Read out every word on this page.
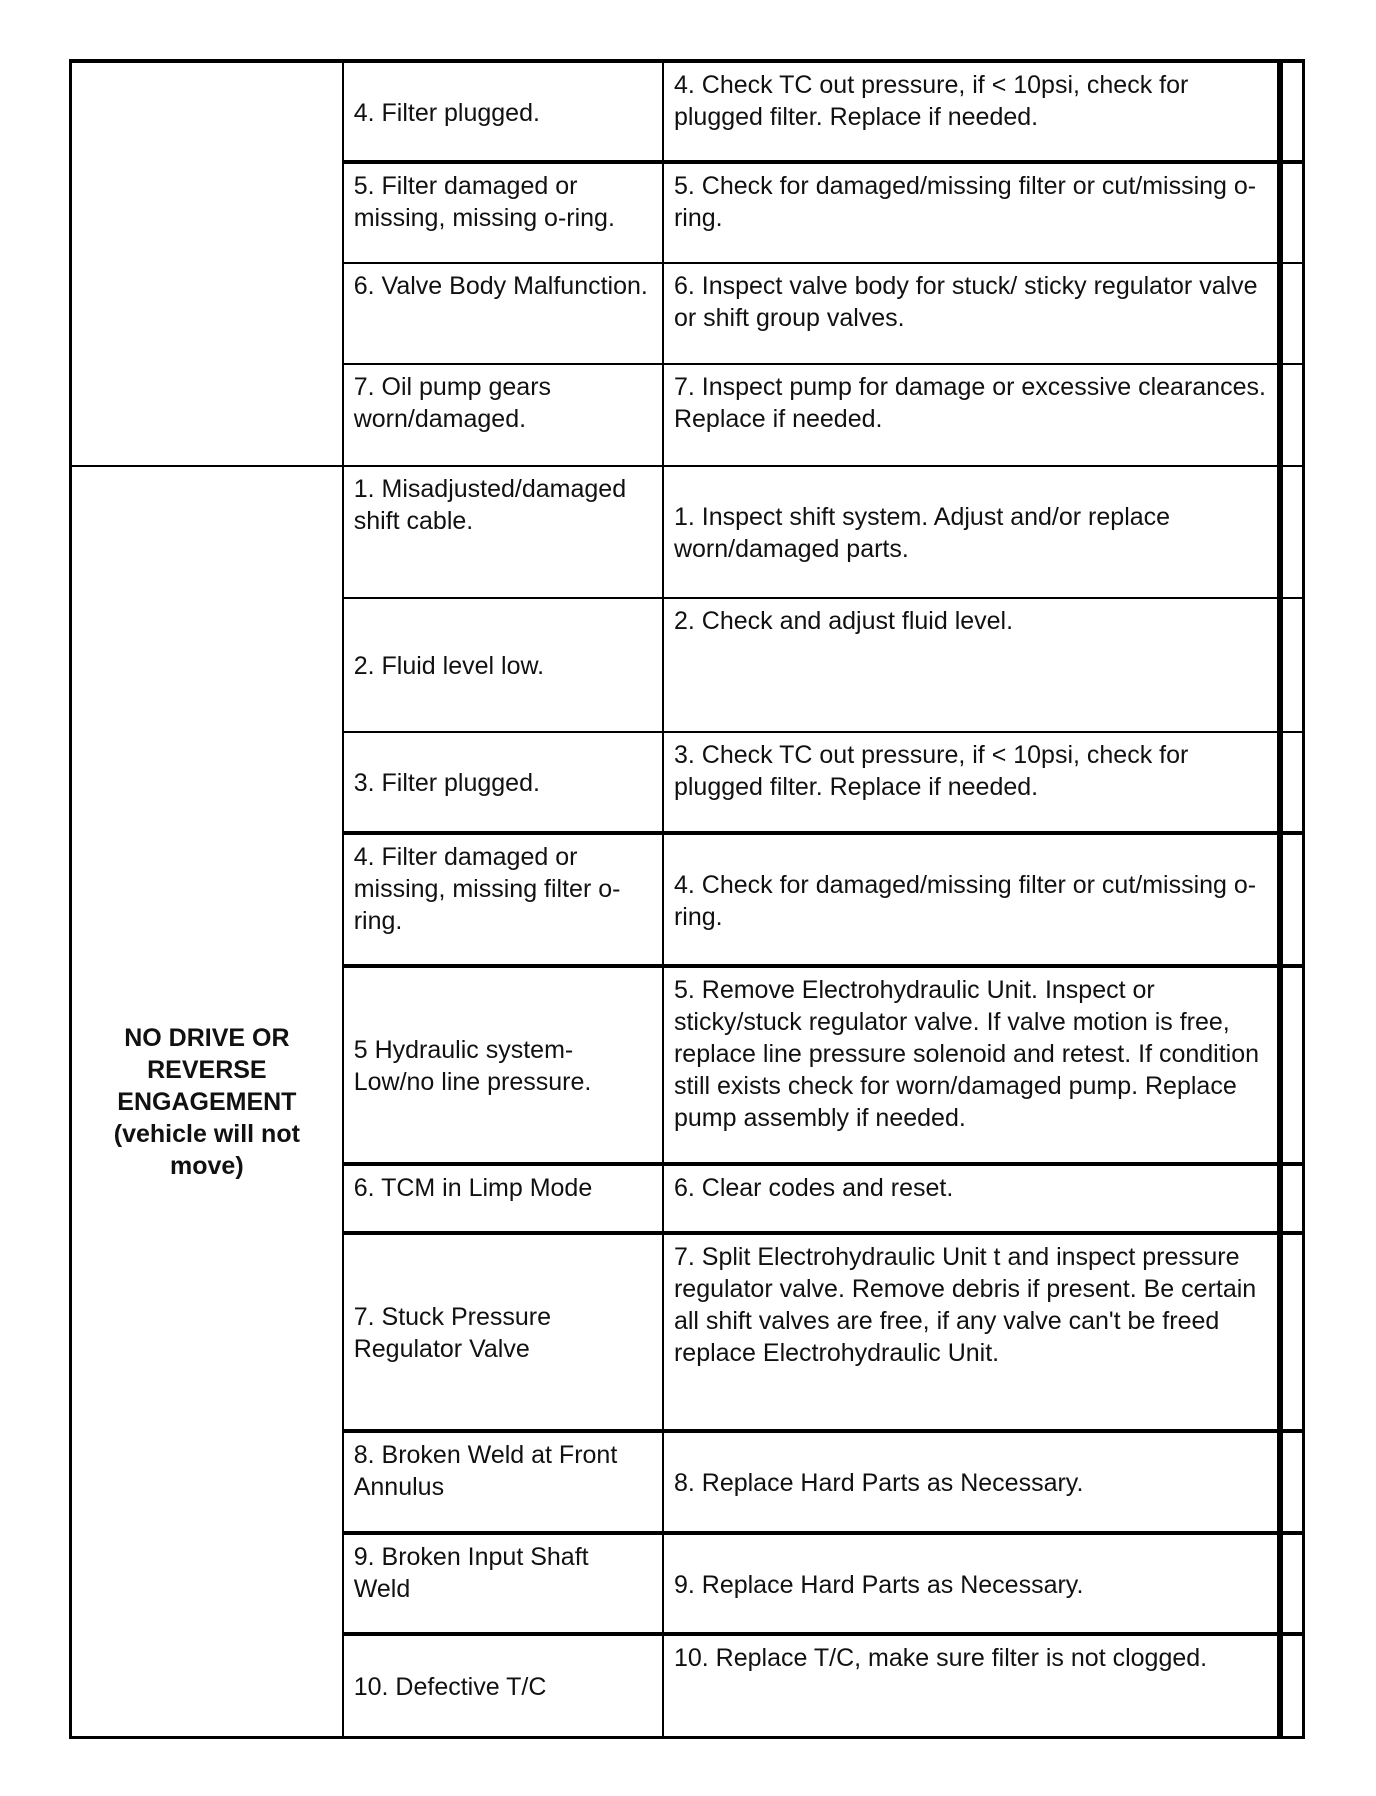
	4. Filter plugged.	4. Check TC out pressure, if < 10psi, check for plugged filter. Replace if needed.	
	5. Filter damaged or missing, missing o-ring.	5. Check for damaged/missing filter or cut/missing o-ring.	
	6. Valve Body Malfunction.	6. Inspect valve body for stuck/ sticky regulator valve or shift group valves.	
	7. Oil pump gears worn/damaged.	7. Inspect pump for damage or excessive clearances. Replace if needed.	
NO DRIVE OR REVERSE ENGAGEMENT (vehicle will not move)	1. Misadjusted/damaged shift cable.	1. Inspect shift system. Adjust and/or replace worn/damaged parts.	
	2. Fluid level low.	2. Check and adjust fluid level.	
	3. Filter plugged.	3. Check TC out pressure, if < 10psi, check for plugged filter. Replace if needed.	
	4. Filter damaged or missing, missing filter o-ring.	4. Check for damaged/missing filter or cut/missing o-ring.	
	5 Hydraulic system-Low/no line pressure.	5. Remove Electrohydraulic Unit. Inspect or sticky/stuck regulator valve. If valve motion is free, replace line pressure solenoid and retest. If condition still exists check for worn/damaged pump. Replace pump assembly if needed.	
	6. TCM in Limp Mode	6. Clear codes and reset.	
	7. Stuck Pressure Regulator Valve	7. Split Electrohydraulic Unit t and inspect pressure regulator valve. Remove debris if present. Be certain all shift valves are free, if any valve can't be freed replace Electrohydraulic Unit.	
	8. Broken Weld at Front Annulus	8. Replace Hard Parts as Necessary.	
	9. Broken Input Shaft Weld	9. Replace Hard Parts as Necessary.	
	10. Defective T/C	10. Replace T/C, make sure filter is not clogged.	
